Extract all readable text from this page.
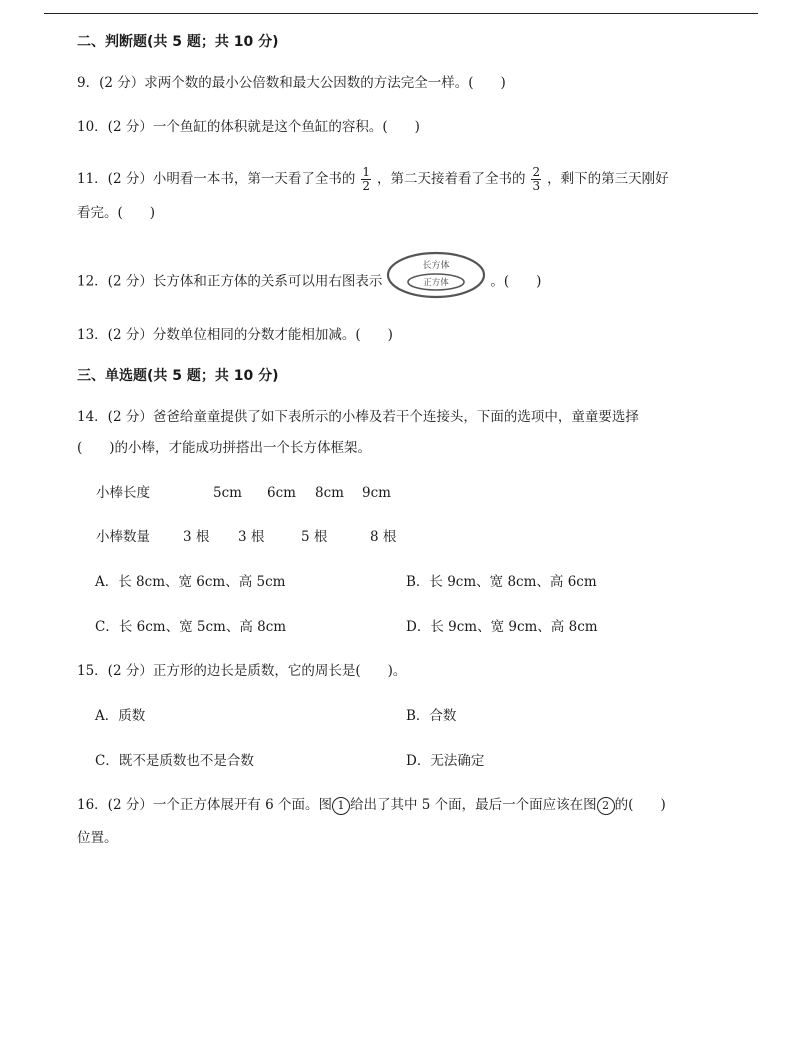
二、判断题(共 5 题；共 10 分)
9．(2 分）求两个数的最小公倍数和最大公因数的方法完全一样。(　　)
10．(2 分）一个鱼缸的体积就是这个鱼缸的容积。(　　)
11．(2 分）小明看一本书，第一天看了全书的 $\frac{1}{2}$ ，第二天接着看了全书的 $\frac{2}{3}$ ，剩下的第三天刚好
看完。(　　)
12．(2 分）长方体和正方体的关系可以用右图表示
长方体
正方体	。(　　)
13．(2 分）分数单位相同的分数才能相加减。(　　)
三、单选题(共 5 题；共 10 分)
14．(2 分）爸爸给童童提供了如下表所示的小棒及若干个连接头，下面的选项中，童童要选择
(　　)的小棒，才能成功拼搭出一个长方体框架。
小棒长度	5cm 6cm 8cm 9cm
小棒数量 3 根 3 根	5 根	8 根
A．长 8cm、宽 6cm、高 5cm	B．长 9cm、宽 8cm、高 6cm
C．长 6cm、宽 5cm、高 8cm	D．长 9cm、宽 9cm、高 8cm
15．(2 分）正方形的边长是质数，它的周长是(　　)。
A．质数	B．合数
C．既不是质数也不是合数	D．无法确定
16．(2 分）一个正方体展开有 6 个面。图 1 给出了其中 5 个面，最后一个面应该在图 2 的(　　)
位置。
